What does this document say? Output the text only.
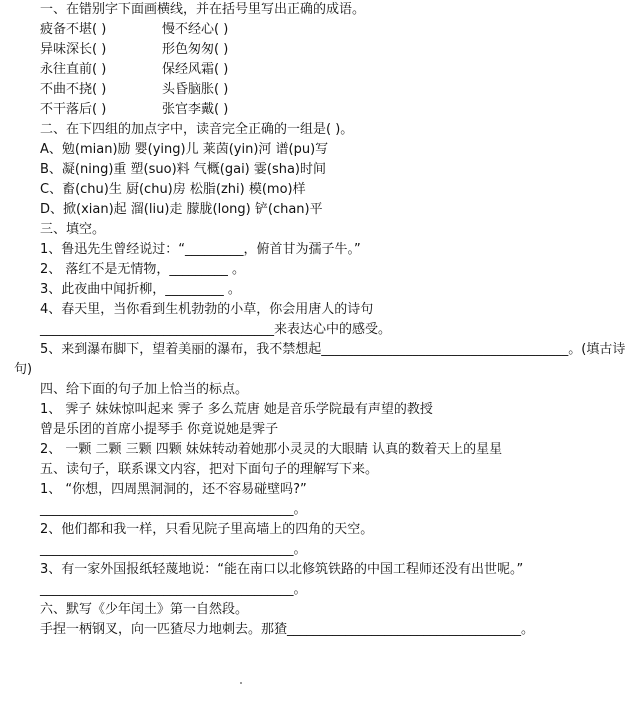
一、在错别字下面画横线，并在括号里写出正确的成语。
疲备不堪( )	慢不经心( )
异味深长( )	形色匆匆( )
永往直前( )	保经风霜( )
不曲不挠( )	头昏脑胀( )
不干落后( )	张官李戴( )
二、在下四组的加点字中，读音完全正确的一组是( )。
A、勉(mian)励 婴(ying)儿 莱茵(yin)河 谱(pu)写
B、凝(ning)重 塑(suo)料 气概(gai) 霎(sha)时间
C、畜(chu)生 厨(chu)房 松脂(zhi) 模(mo)样
D、掀(xian)起 溜(liu)走 朦胧(long) 铲(chan)平
三、填空。
1、鲁迅先生曾经说过：“_________，俯首甘为孺子牛。”
2、 落红不是无情物，_________ 。
3、此夜曲中闻折柳，_________ 。
4、春天里，当你看到生机勃勃的小草，你会用唐人的诗句
____________________________________来表达心中的感受。
5、来到瀑布脚下，望着美丽的瀑布，我不禁想起______________________________________。(填古诗
句)
四、给下面的句子加上恰当的标点。
1、 霁子 妹妹惊叫起来 霁子 多么荒唐 她是音乐学院最有声望的教授
曾是乐团的首席小提琴手 你竟说她是霁子
2、 一颗 二颗 三颗 四颗 妹妹转动着她那小灵灵的大眼睛 认真的数着天上的星星
五、读句子，联系课文内容，把对下面句子的理解写下来。
1、 “你想，四周黑洞洞的，还不容易碰壁吗?”
_______________________________________。
2、他们都和我一样，只看见院子里高墙上的四角的天空。
_______________________________________。
3、有一家外国报纸轻蔑地说：“能在南口以北修筑铁路的中国工程师还没有出世呢。”
_______________________________________。
六、默写《少年闰土》第一自然段。
手捏一柄钢叉，向一匹猹尽力地刺去。那猹____________________________________。
